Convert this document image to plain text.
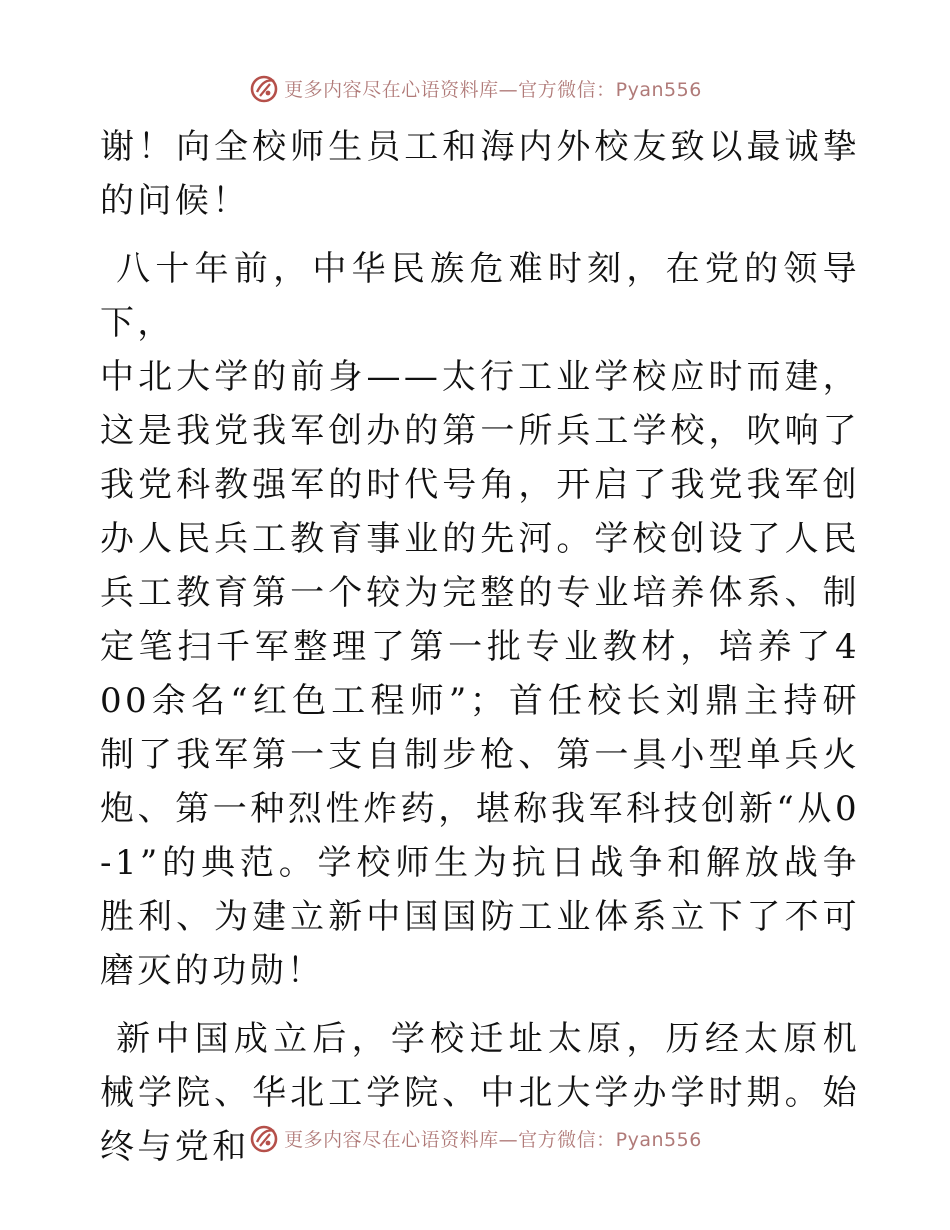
更多内容尽在心语资料库—官方微信：Pyan556

谢！向全校师生员工和海内外校友致以最诚挚的问候！

八十年前，中华民族危难时刻，在党的领导下，
中北大学的前身——太行工业学校应时而建，这是我党我军创办的第一所兵工学校，吹响了我党科教强军的时代号角，开启了我党我军创办人民兵工教育事业的先河。学校创设了人民兵工教育第一个较为完整的专业培养体系、制定笔扫千军整理了第一批专业教材，培养了400余名“红色工程师”；首任校长刘鼎主持研制了我军第一支自制步枪、第一具小型单兵火炮、第一种烈性炸药，堪称我军科技创新“从0-1”的典范。学校师生为抗日战争和解放战争胜利、为建立新中国国防工业体系立下了不可磨灭的功勋！

新中国成立后，学校迁址太原，历经太原机械学院、华北工学院、中北大学办学时期。始终与党和	更多内容尽在心语资料库—官方微信：Pyan556
